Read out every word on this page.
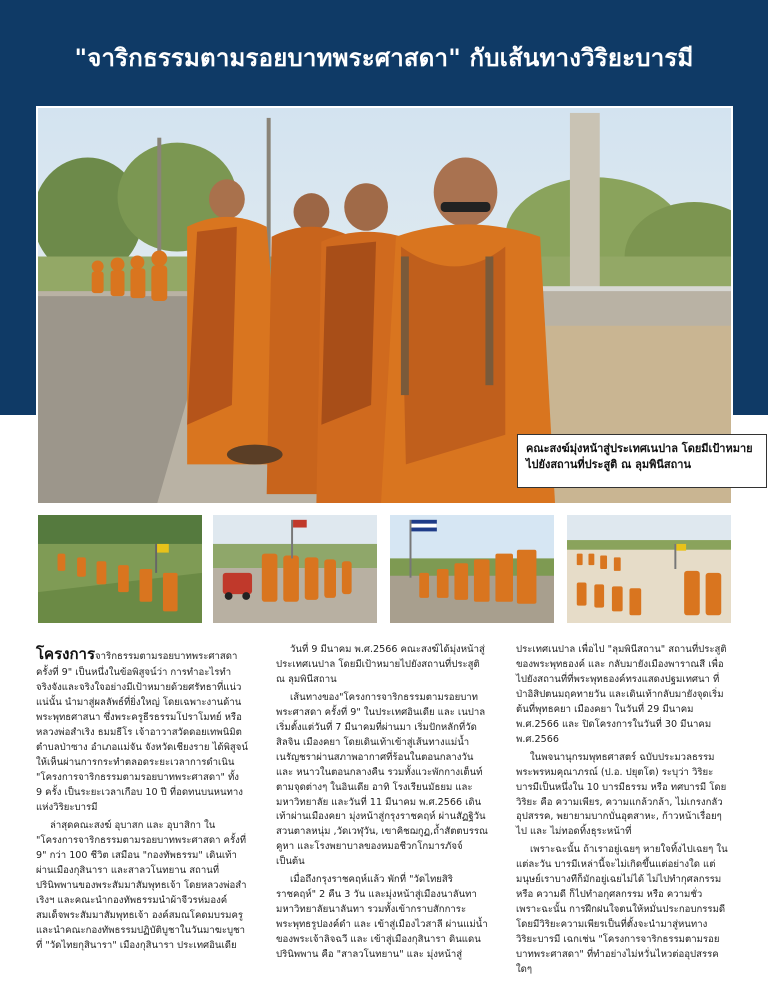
"จาริกธรรมตามรอยบาทพระศาสดา" กับเส้นทางวิริยะบารมี
คณะสงฆ์มุ่งหน้าสู่ประเทศเนปาล โดยมีเป้าหมาย
ไปยังสถานที่ประสูติ ณ ลุมพินีสถาน

โครงการจาริกธรรมตามรอยบาทพระศาสดา ครั้งที่ 9" เป็นหนึ่งในข้อพิสูจน์ว่า การทำอะไรทำจริงจังและจริงใจอย่างมีเป้าหมายด้วยศรัทธาที่แน่วแน่นั้น นำมาสู่ผลลัพธ์ที่ยิ่งใหญ่ โดยเฉพาะงานด้านพระพุทธศาสนา ซึ่งพระครูธีรธรรมโปราโมทย์ หรือ หลวงพ่อสำเริง ธมมธีโร เจ้าอาวาสวัดดอยเทพนิมิต ตำบลป่าซาง อำเภอแม่จัน จังหวัดเชียงราย ได้พิสูจน์ให้เห็นผ่านการกระทำตลอดระยะเวลาการดำเนิน "โครงการจาริกธรรมตามรอยบาทพระศาสดา" ทั้ง 9 ครั้ง เป็นระยะเวลาเกือบ 10 ปี ที่อดทนบนหนทางแห่งวิริยะบารมี

ล่าสุดคณะสงฆ์ อุบาสก และ อุบาสิกา ใน "โครงการจาริกธรรมตามรอยบาทพระศาสดา ครั้งที่ 9" กว่า 100 ชีวิต เสมือน "กองทัพธรรม" เดินเท้าผ่านเมืองกุสินารา และสาลวโนทยาน สถานที่ปรินิพพานของพระสัมมาสัมพุทธเจ้า โดยหลวงพ่อสำเริงฯ และคณะนำกองทัพธรรมนำผ้าจีวรห่มองค์สมเด็จพระสัมมาสัมพุทธเจ้า องค์สมณโคดมบรมครู และนำคณะกองทัพธรรมปฏิบัติบูชาในวันมาฆะบูชาที่ "วัดไทยกุสินารา" เมืองกุสินารา ประเทศอินเดีย

วันที่ 9 มีนาคม พ.ศ.2566 คณะสงฆ์ได้มุ่งหน้าสู่ประเทศเนปาล โดยมีเป้าหมายไปยังสถานที่ประสูติ ณ ลุมพินีสถาน

เส้นทางของ"โครงการจาริกธรรมตามรอยบาทพระศาสดา ครั้งที่ 9" ในประเทศอินเดีย และ เนปาล เริ่มตั้งแต่วันที่ 7 มีนาคมที่ผ่านมา เริ่มปักหลักที่วัดสิลจิน เมืองคยา โดยเดินเท้าเข้าสู่เส้นทางแม่น้ำเนรัญชราผ่านสภาพอากาศที่ร้อนในตอนกลางวัน และ หนาวในตอนกลางคืน รวมทั้งแวะพักกางเต็นท์ตามจุดต่างๆ ในอินเดีย อาทิ โรงเรียนมัธยม และ มหาวิทยาลัย และวันที่ 11 มีนาคม พ.ศ.2566 เดินเท้าผ่านเมืองคยา มุ่งหน้าสู่กรุงราชคฤห์ ผ่านสัฏฐิวัน สวนตาลหนุ่ม ,วัดเวฬุวัน, เขาคิชฌกูฏ,ถ้ำสัตตบรรณคูหา และโรงพยาบาลของหมอชีวกโกมารภัจจ์ เป็นต้น

เมื่อถึงกรุงราชคฤห์แล้ว พักที่ "วัดไทยสิริราชคฤห์" 2 คืน 3 วัน และมุ่งหน้าสู่เมืองนาลันทา มหาวิทยาลัยนาลันทา รวมทั้งเข้ากราบสักการะพระพุทธรูปองค์ดำ และ เข้าสู่เมืองไวสาลี ผ่านแม่น้ำของพระเจ้าลิจฉวี และ เข้าสู่เมืองกุสินารา ดินแดนปรินิพพาน คือ "สาลวโนทยาน" และ มุ่งหน้าสู่

ประเทศเนปาล เพื่อไป "ลุมพินีสถาน" สถานที่ประสูติของพระพุทธองค์ และ กลับมายังเมืองพาราณสี เพื่อไปยังสถานที่ที่พระพุทธองค์ทรงแสดงปฐมเทศนา ที่ป่าอิสิปตนมฤคทายวัน และเดินเท้ากลับมายังจุดเริ่มต้นที่พุทธคยา เมืองคยา ในวันที่ 29 มีนาคม พ.ศ.2566 และ ปิดโครงการในวันที่ 30 มีนาคม พ.ศ.2566

ในพจนานุกรมพุทธศาสตร์ ฉบับประมวลธรรมพระพรหมคุณาภรณ์ (ป.อ. ปยุตโต) ระบุว่า วิริยะบารมีเป็นหนึ่งใน 10 บารมีธรรม หรือ ทศบารมี โดยวิริยะ คือ ความเพียร, ความแกล้วกล้า, ไม่เกรงกลัวอุปสรรค, พยายามบากบั่นอุตสาหะ, ก้าวหน้าเรื่อยๆไป และ ไม่ทอดทิ้งธุระหน้าที่

เพราะฉะนั้น ถ้าเราอยู่เฉยๆ หายใจทิ้งไปเฉยๆ ในแต่ละวัน บารมีเหล่านี้จะไม่เกิดขึ้นแต่อย่างใด แต่มนุษย์เราบางทีก็มักอยู่เฉยไม่ได้ ไม่ไปทำกุศลกรรม หรือ ความดี ก็ไปทำอกุศลกรรม หรือ ความชั่ว เพราะฉะนั้น การฝึกฝนใจตนให้หมั่นประกอบกรรมดีโดยมีวิริยะความเพียรเป็นที่ตั้งจะนำมาสู่หนทางวิริยะบารมี เฉกเช่น "โครงการจาริกธรรมตามรอยบาทพระศาสดา" ที่ทำอย่างไม่หวั่นไหวต่ออุปสรรคใดๆ
